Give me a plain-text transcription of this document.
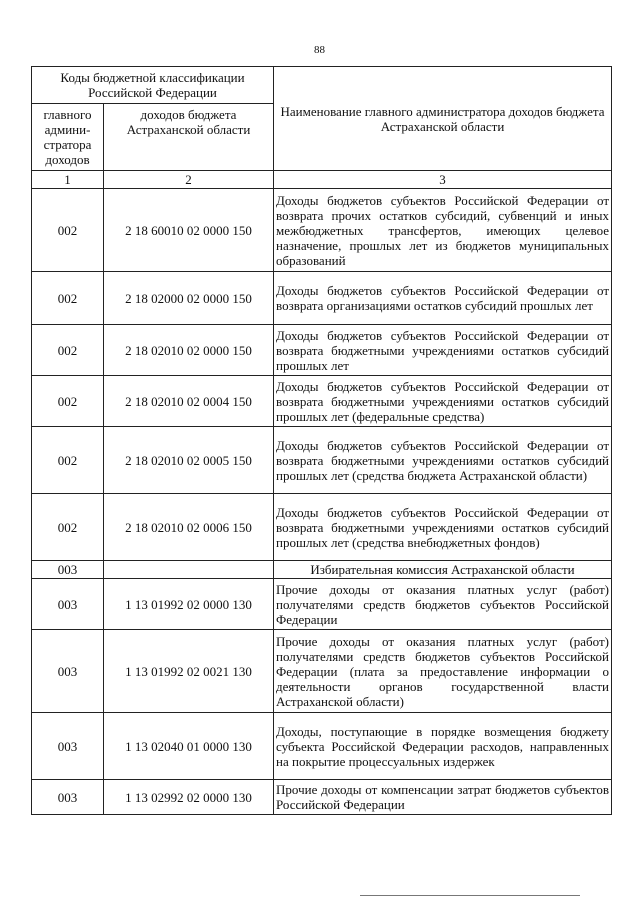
88
Коды бюджетной классификации Российской Федерации		Наименование главного администратора доходов бюджета Астраханской области
главного админи-стратора доходов	доходов бюджета Астраханской области	
1	2	3
002	2 18 60010 02 0000 150	Доходы бюджетов субъектов Российской Федерации от возврата прочих остатков субсидий, субвенций и иных межбюджетных трансфертов, имеющих целевое назначение, прошлых лет из бюджетов муниципальных образований
002	2 18 02000 02 0000 150	Доходы бюджетов субъектов Российской Федерации от возврата организациями остатков субсидий прошлых лет
002	2 18 02010 02 0000 150	Доходы бюджетов субъектов Российской Федерации от возврата бюджетными учреждениями остатков субсидий прошлых лет
002	2 18 02010 02 0004 150	Доходы бюджетов субъектов Российской Федерации от возврата бюджетными учреждениями остатков субсидий прошлых лет (федеральные средства)
002	2 18 02010 02 0005 150	Доходы бюджетов субъектов Российской Федерации от возврата бюджетными учреждениями остатков субсидий прошлых лет (средства бюджета Астраханской области)
002	2 18 02010 02 0006 150	Доходы бюджетов субъектов Российской Федерации от возврата бюджетными учреждениями остатков субсидий прошлых лет (средства внебюджетных фондов)
003		Избирательная комиссия Астраханской области
003	1 13 01992 02 0000 130	Прочие доходы от оказания платных услуг (работ) получателями средств бюджетов субъектов Российской Федерации
003	1 13 01992 02 0021 130	Прочие доходы от оказания платных услуг (работ) получателями средств бюджетов субъектов Российской Федерации (плата за предоставление информации о деятельности органов государственной власти Астраханской области)
003	1 13 02040 01 0000 130	Доходы, поступающие в порядке возмещения бюджету субъекта Российской Федерации расходов, направленных на покрытие процессуальных издержек
003	1 13 02992 02 0000 130	Прочие доходы от компенсации затрат бюджетов субъектов Российской Федерации
